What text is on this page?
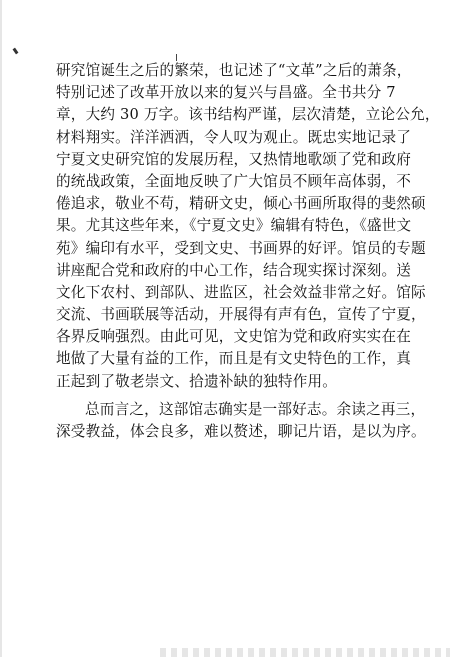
研究馆诞生之后的繁荣，也记述了“文革”之后的萧条，
特别记述了改革开放以来的复兴与昌盛。全书共分 7
章，大约 30 万字。该书结构严谨，层次清楚，立论公允，
材料翔实。洋洋洒洒，令人叹为观止。既忠实地记录了
宁夏文史研究馆的发展历程，又热情地歌颂了党和政府
的统战政策，全面地反映了广大馆员不顾年高体弱，不
倦追求，敬业不苟，精研文史，倾心书画所取得的斐然硕
果。尤其这些年来，《宁夏文史》编辑有特色，《盛世文
苑》编印有水平，受到文史、书画界的好评。馆员的专题
讲座配合党和政府的中心工作，结合现实探讨深刻。送
文化下农村、到部队、进监区，社会效益非常之好。馆际
交流、书画联展等活动，开展得有声有色，宣传了宁夏，
各界反响强烈。由此可见，文史馆为党和政府实实在在
地做了大量有益的工作，而且是有文史特色的工作，真
正起到了敬老崇文、拾遗补缺的独特作用。
总而言之，这部馆志确实是一部好志。余读之再三，
深受教益，体会良多，难以赘述，聊记片语，是以为序。
